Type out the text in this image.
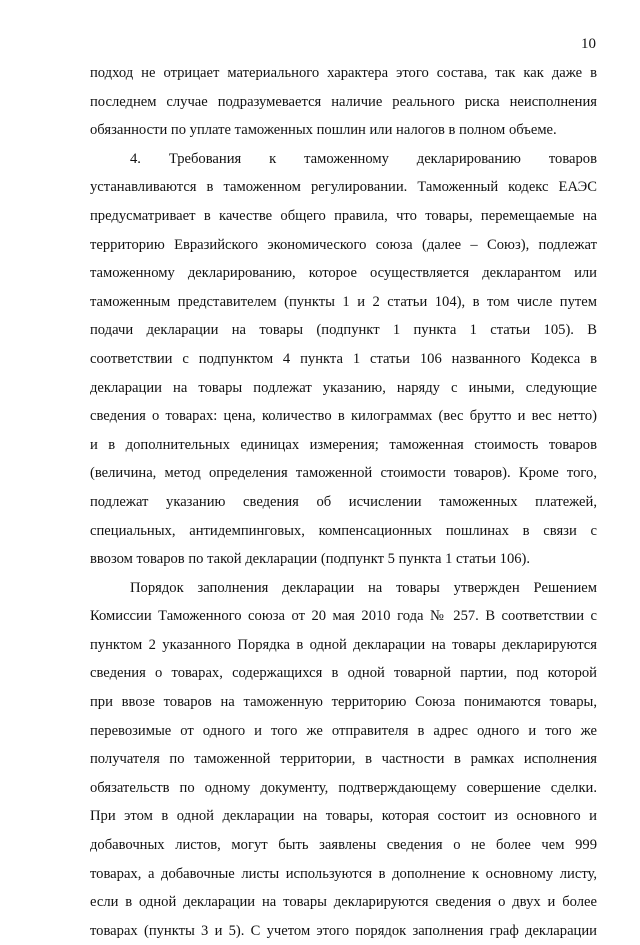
10
подход не отрицает материального характера этого состава, так как даже в
последнем случае подразумевается наличие реального риска неисполнения
обязанности по уплате таможенных пошлин или налогов в полном объеме.
4. Требования к таможенному декларированию товаров
устанавливаются в таможенном регулировании. Таможенный кодекс ЕАЭС
предусматривает в качестве общего правила, что товары, перемещаемые на
территорию Евразийского экономического союза (далее – Союз), подлежат
таможенному декларированию, которое осуществляется декларантом или
таможенным представителем (пункты 1 и 2 статьи 104), в том числе путем
подачи декларации на товары (подпункт 1 пункта 1 статьи 105). В
соответствии с подпунктом 4 пункта 1 статьи 106 названного Кодекса в
декларации на товары подлежат указанию, наряду с иными, следующие
сведения о товарах: цена, количество в килограммах (вес брутто и вес нетто)
и в дополнительных единицах измерения; таможенная стоимость товаров
(величина, метод определения таможенной стоимости товаров). Кроме того,
подлежат указанию сведения об исчислении таможенных платежей,
специальных, антидемпинговых, компенсационных пошлинах в связи с
ввозом товаров по такой декларации (подпункт 5 пункта 1 статьи 106).
Порядок заполнения декларации на товары утвержден Решением
Комиссии Таможенного союза от 20 мая 2010 года № 257. В соответствии с
пунктом 2 указанного Порядка в одной декларации на товары декларируются
сведения о товарах, содержащихся в одной товарной партии, под которой
при ввозе товаров на таможенную территорию Союза понимаются товары,
перевозимые от одного и того же отправителя в адрес одного и того же
получателя по таможенной территории, в частности в рамках исполнения
обязательств по одному документу, подтверждающему совершение сделки.
При этом в одной декларации на товары, которая состоит из основного и
добавочных листов, могут быть заявлены сведения о не более чем 999
товарах, а добавочные листы используются в дополнение к основному листу,
если в одной декларации на товары декларируются сведения о двух и более
товарах (пункты 3 и 5). С учетом этого порядок заполнения граф декларации
